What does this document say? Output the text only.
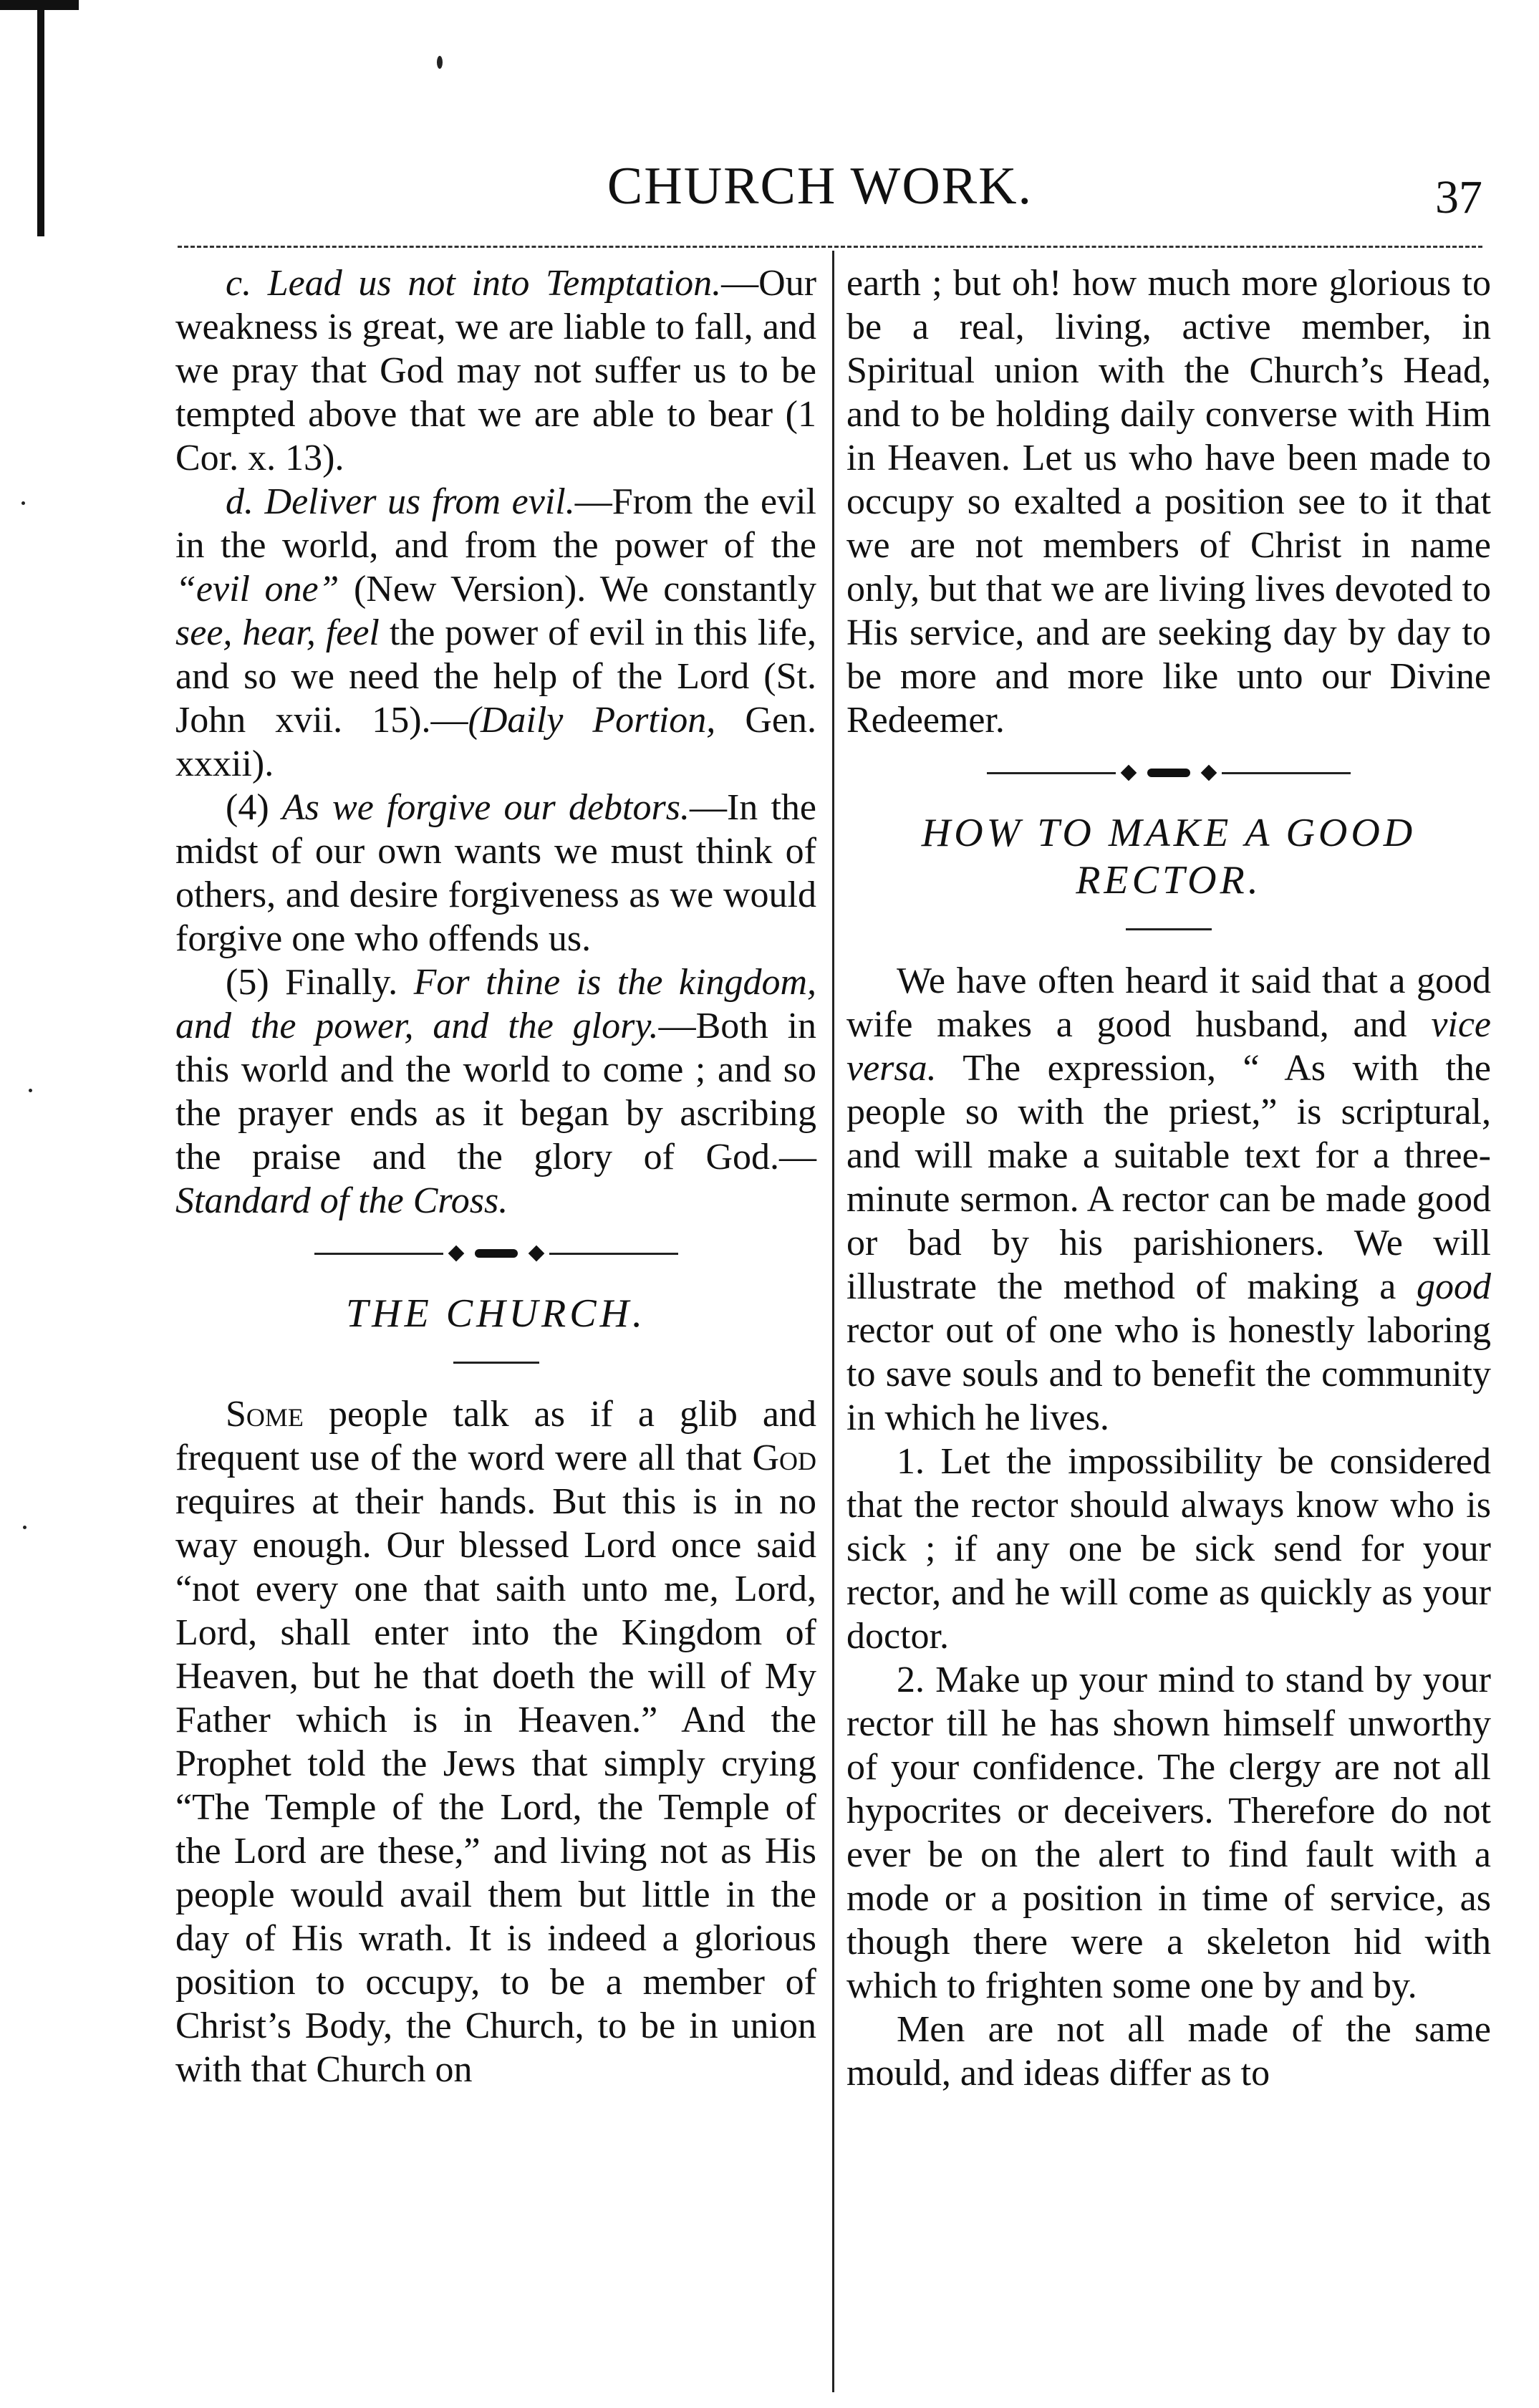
CHURCH WORK.	37

c. Lead us not into Temptation.—Our weakness is great, we are liable to fall, and we pray that God may not suffer us to be tempted above that we are able to bear (1 Cor. x. 13).

d. Deliver us from evil.—From the evil in the world, and from the power of the “evil one” (New Version). We constantly see, hear, feel the power of evil in this life, and so we need the help of the Lord (St. John xvii. 15).—(Daily Portion, Gen. xxxii).

(4) As we forgive our debtors.—In the midst of our own wants we must think of others, and desire forgiveness as we would forgive one who offends us.

(5) Finally. For thine is the kingdom, and the power, and the glory.—Both in this world and the world to come ; and so the prayer ends as it began by ascribing the praise and the glory of God.—Standard of the Cross.

THE CHURCH.

Some people talk as if a glib and frequent use of the word were all that God requires at their hands. But this is in no way enough. Our blessed Lord once said “not every one that saith unto me, Lord, Lord, shall enter into the Kingdom of Heaven, but he that doeth the will of My Father which is in Heaven.” And the Prophet told the Jews that simply crying “The Temple of the Lord, the Temple of the Lord are these,” and living not as His people would avail them but little in the day of His wrath. It is indeed a glorious position to occupy, to be a member of Christ’s Body, the Church, to be in union with that Church on

earth ; but oh! how much more glorious to be a real, living, active member, in Spiritual union with the Church’s Head, and to be holding daily converse with Him in Heaven. Let us who have been made to occupy so exalted a position see to it that we are not members of Christ in name only, but that we are living lives devoted to His service, and are seeking day by day to be more and more like unto our Divine Redeemer.

HOW TO MAKE A GOOD RECTOR.

We have often heard it said that a good wife makes a good husband, and vice versa. The expression, “ As with the people so with the priest,” is scriptural, and will make a suitable text for a three-minute sermon. A rector can be made good or bad by his parishioners. We will illustrate the method of making a good rector out of one who is honestly laboring to save souls and to benefit the community in which he lives.

1. Let the impossibility be considered that the rector should always know who is sick ; if any one be sick send for your rector, and he will come as quickly as your doctor.

2. Make up your mind to stand by your rector till he has shown himself unworthy of your confidence. The clergy are not all hypocrites or deceivers. Therefore do not ever be on the alert to find fault with a mode or a position in time of service, as though there were a skeleton hid with which to frighten some one by and by.

Men are not all made of the same mould, and ideas differ as to
